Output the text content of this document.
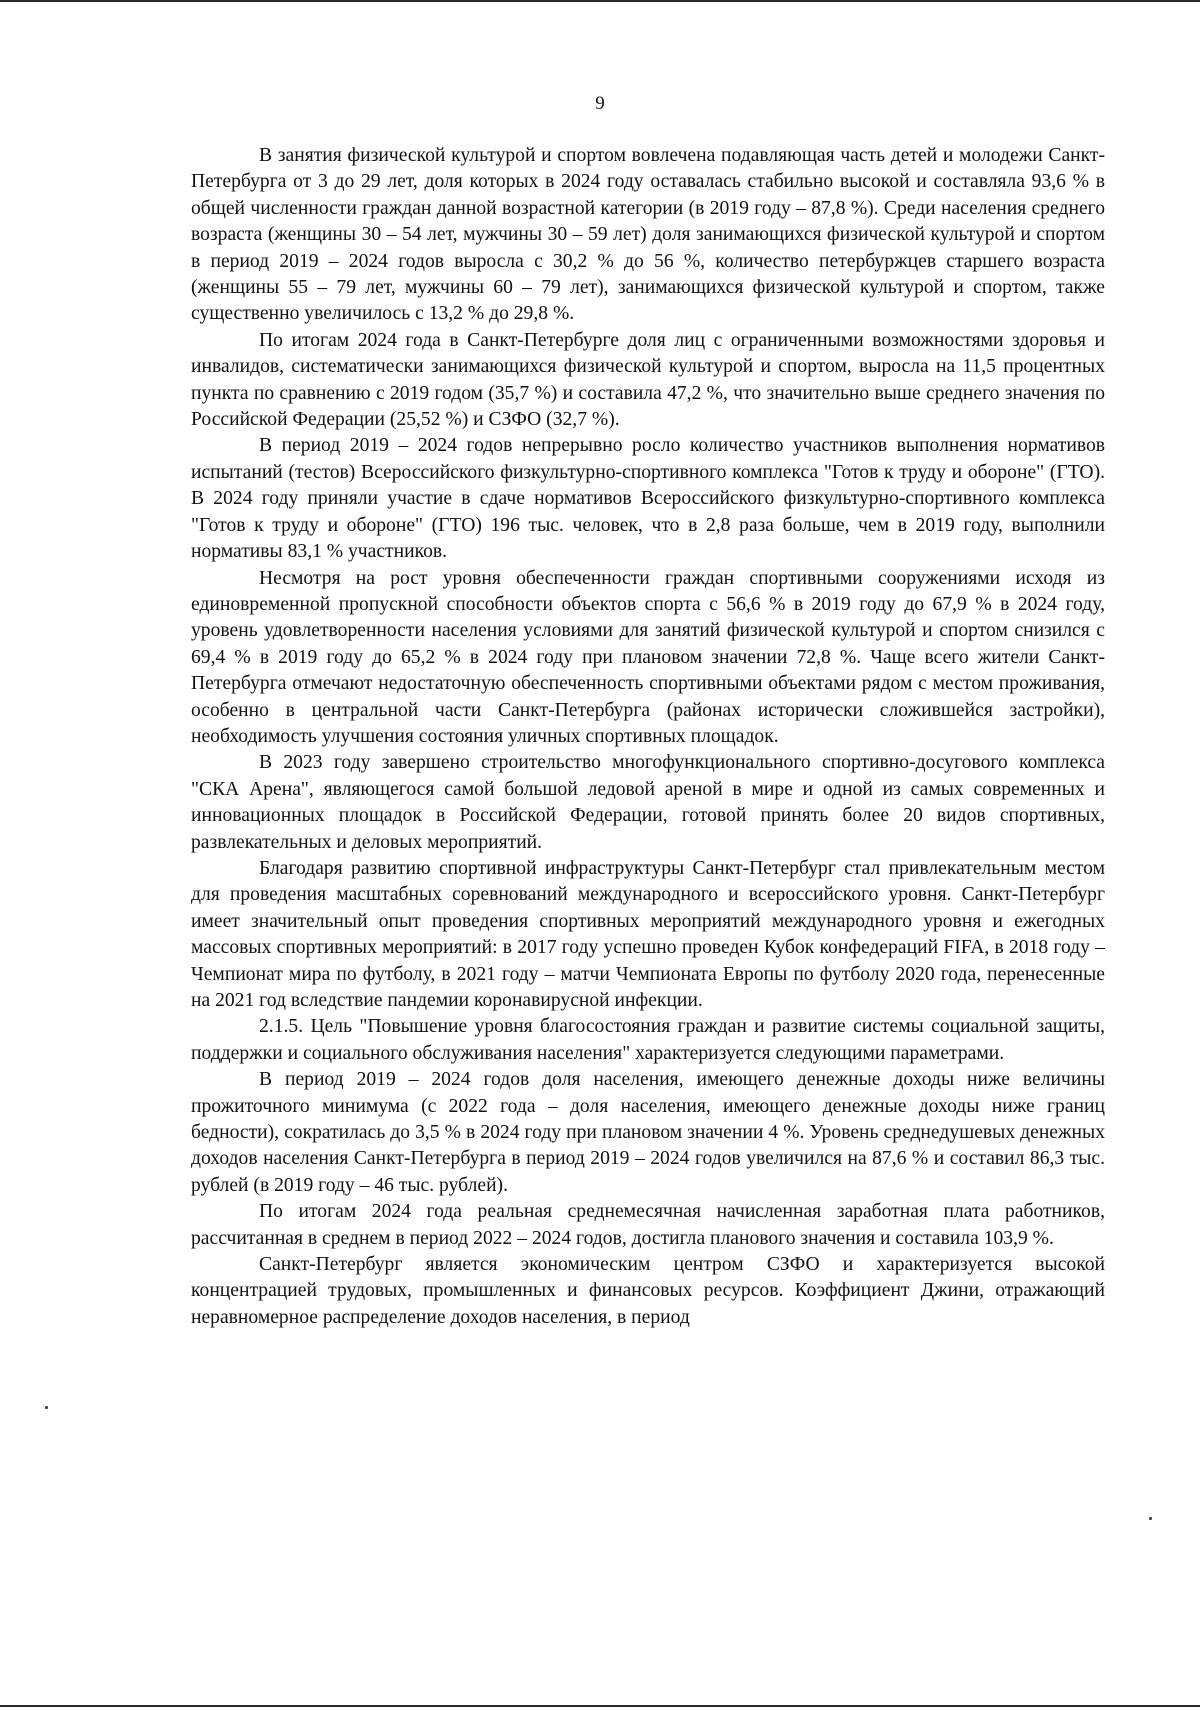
9

В занятия физической культурой и спортом вовлечена подавляющая часть детей и молодежи Санкт-Петербурга от 3 до 29 лет, доля которых в 2024 году оставалась стабильно высокой и составляла 93,6 % в общей численности граждан данной возрастной категории (в 2019 году – 87,8 %). Среди населения среднего возраста (женщины 30 – 54 лет, мужчины 30 – 59 лет) доля занимающихся физической культурой и спортом в период 2019 – 2024 годов выросла с 30,2 % до 56 %, количество петербуржцев старшего возраста (женщины 55 – 79 лет, мужчины 60 – 79 лет), занимающихся физической культурой и спортом, также существенно увеличилось с 13,2 % до 29,8 %.

По итогам 2024 года в Санкт-Петербурге доля лиц с ограниченными возможностями здоровья и инвалидов, систематически занимающихся физической культурой и спортом, выросла на 11,5 процентных пункта по сравнению с 2019 годом (35,7 %) и составила 47,2 %, что значительно выше среднего значения по Российской Федерации (25,52 %) и СЗФО (32,7 %).

В период 2019 – 2024 годов непрерывно росло количество участников выполнения нормативов испытаний (тестов) Всероссийского физкультурно-спортивного комплекса "Готов к труду и обороне" (ГТО). В 2024 году приняли участие в сдаче нормативов Всероссийского физкультурно-спортивного комплекса "Готов к труду и обороне" (ГТО) 196 тыс. человек, что в 2,8 раза больше, чем в 2019 году, выполнили нормативы 83,1 % участников.

Несмотря на рост уровня обеспеченности граждан спортивными сооружениями исходя из единовременной пропускной способности объектов спорта с 56,6 % в 2019 году до 67,9 % в 2024 году, уровень удовлетворенности населения условиями для занятий физической культурой и спортом снизился с 69,4 % в 2019 году до 65,2 % в 2024 году при плановом значении 72,8 %. Чаще всего жители Санкт-Петербурга отмечают недостаточную обеспеченность спортивными объектами рядом с местом проживания, особенно в центральной части Санкт-Петербурга (районах исторически сложившейся застройки), необходимость улучшения состояния уличных спортивных площадок.

В 2023 году завершено строительство многофункционального спортивно-досугового комплекса "СКА Арена", являющегося самой большой ледовой ареной в мире и одной из самых современных и инновационных площадок в Российской Федерации, готовой принять более 20 видов спортивных, развлекательных и деловых мероприятий.

Благодаря развитию спортивной инфраструктуры Санкт-Петербург стал привлекательным местом для проведения масштабных соревнований международного и всероссийского уровня. Санкт-Петербург имеет значительный опыт проведения спортивных мероприятий международного уровня и ежегодных массовых спортивных мероприятий: в 2017 году успешно проведен Кубок конфедераций FIFA, в 2018 году – Чемпионат мира по футболу, в 2021 году – матчи Чемпионата Европы по футболу 2020 года, перенесенные на 2021 год вследствие пандемии коронавирусной инфекции.

2.1.5. Цель "Повышение уровня благосостояния граждан и развитие системы социальной защиты, поддержки и социального обслуживания населения" характеризуется следующими параметрами.

В период 2019 – 2024 годов доля населения, имеющего денежные доходы ниже величины прожиточного минимума (с 2022 года – доля населения, имеющего денежные доходы ниже границ бедности), сократилась до 3,5 % в 2024 году при плановом значении 4 %. Уровень среднедушевых денежных доходов населения Санкт-Петербурга в период 2019 – 2024 годов увеличился на 87,6 % и составил 86,3 тыс. рублей (в 2019 году – 46 тыс. рублей).

По итогам 2024 года реальная среднемесячная начисленная заработная плата работников, рассчитанная в среднем в период 2022 – 2024 годов, достигла планового значения и составила 103,9 %.

Санкт-Петербург является экономическим центром СЗФО и характеризуется высокой концентрацией трудовых, промышленных и финансовых ресурсов. Коэффициент Джини, отражающий неравномерное распределение доходов населения, в период
